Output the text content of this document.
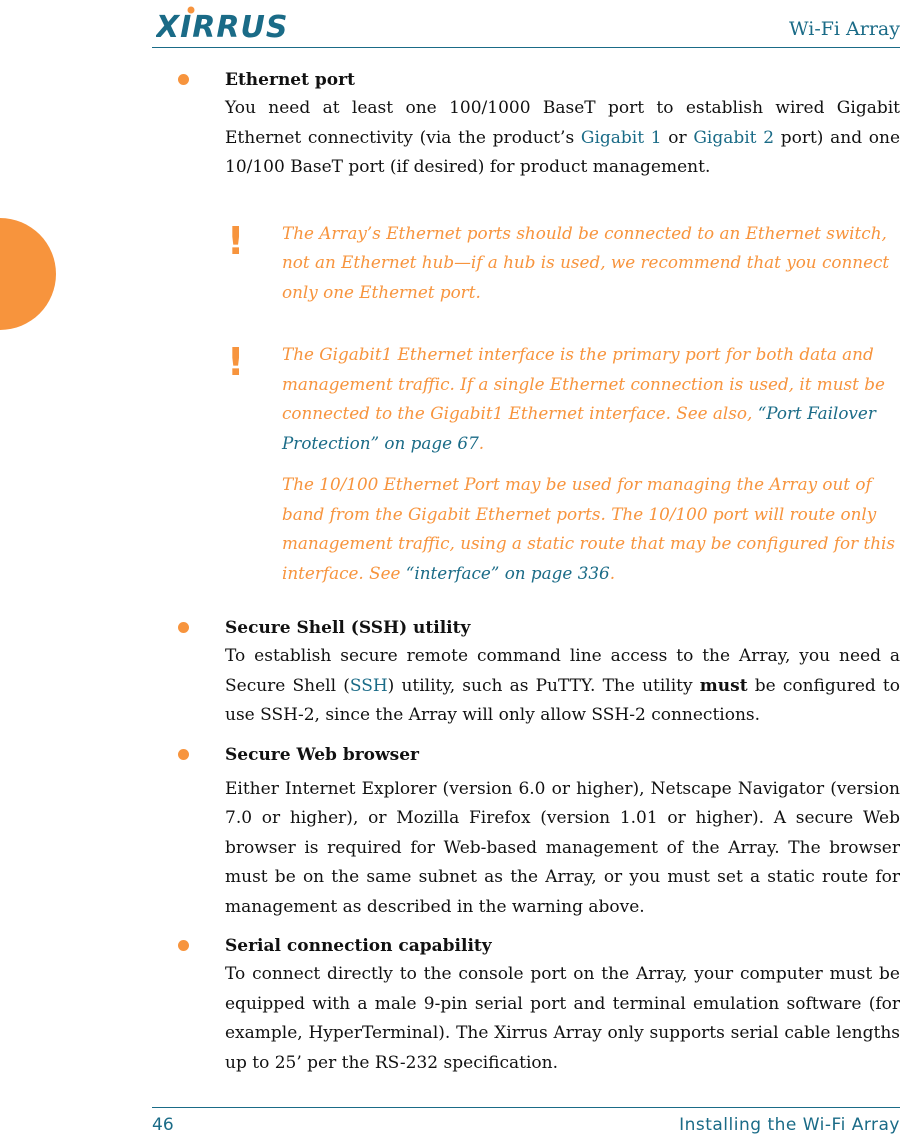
XIRRUS	Wi-Fi Array
Ethernet port
You need at least one 100/1000 BaseT port to establish wired Gigabit Ethernet connectivity (via the product’s Gigabit 1 or Gigabit 2 port) and one 10/100 BaseT port (if desired) for product management.
! The Array’s Ethernet ports should be connected to an Ethernet switch, not an Ethernet hub—if a hub is used, we recommend that you connect only one Ethernet port.
! The Gigabit1 Ethernet interface is the primary port for both data and management traffic. If a single Ethernet connection is used, it must be connected to the Gigabit1 Ethernet interface. See also, “Port Failover Protection” on page 67.
The 10/100 Ethernet Port may be used for managing the Array out of band from the Gigabit Ethernet ports. The 10/100 port will route only management traffic, using a static route that may be configured for this interface. See “interface” on page 336.
Secure Shell (SSH) utility
To establish secure remote command line access to the Array, you need a Secure Shell (SSH) utility, such as PuTTY. The utility must be configured to use SSH-2, since the Array will only allow SSH-2 connections.
Secure Web browser
Either Internet Explorer (version 6.0 or higher), Netscape Navigator (version 7.0 or higher), or Mozilla Firefox (version 1.01 or higher). A secure Web browser is required for Web-based management of the Array. The browser must be on the same subnet as the Array, or you must set a static route for management as described in the warning above.
Serial connection capability
To connect directly to the console port on the Array, your computer must be equipped with a male 9-pin serial port and terminal emulation software (for example, HyperTerminal). The Xirrus Array only supports serial cable lengths up to 25’ per the RS-232 specification.
46	Installing the Wi-Fi Array
